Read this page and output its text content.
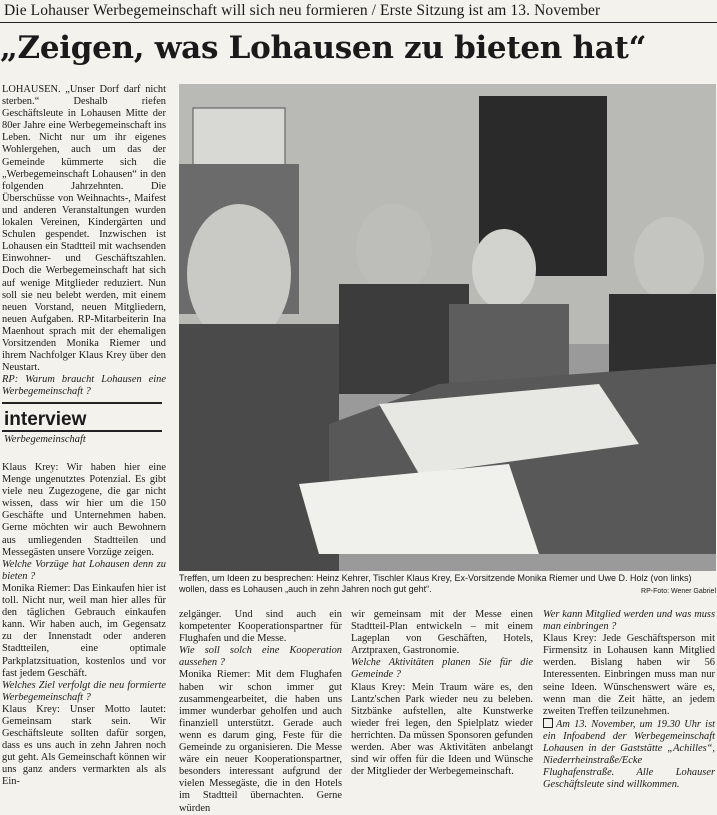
Die Lohauser Werbegemeinschaft will sich neu formieren / Erste Sitzung ist am 13. November
„Zeigen, was Lohausen zu bieten hat“

LOHAUSEN. „Unser Dorf darf nicht sterben.“ Deshalb riefen Geschäftsleute in Lohausen Mitte der 80er Jahre eine Werbegemeinschaft ins Leben. Nicht nur um ihr eigenes Wohlergehen, auch um das der Gemeinde kümmerte sich die „Werbegemeinschaft Lohausen“ in den folgenden Jahrzehnten. Die Überschüsse von Weihnachts-, Maifest und anderen Veranstaltungen wurden lokalen Vereinen, Kindergärten und Schulen gespendet. Inzwischen ist Lohausen ein Stadtteil mit wachsenden Einwohner- und Geschäftszahlen. Doch die Werbegemeinschaft hat sich auf wenige Mitglieder reduziert. Nun soll sie neu belebt werden, mit einem neuen Vorstand, neuen Mitgliedern, neuen Aufgaben. RP-Mitarbeiterin Ina Maenhout sprach mit der ehemaligen Vorsitzenden Monika Riemer und ihrem Nachfolger Klaus Krey über den Neustart.

RP: Warum braucht Lohausen eine Werbegemeinschaft ?

interview
Werbegemeinschaft
Treffen, um Ideen zu besprechen: Heinz Kehrer, Tischler Klaus Krey, Ex-Vorsitzende Monika Riemer und Uwe D. Holz (von links) wollen, dass es Lohausen „auch in zehn Jahren noch gut geht“.	RP-Foto: Wener Gabriel

Klaus Krey: Wir haben hier eine Menge ungenutztes Potenzial. Es gibt viele neu Zugezogene, die gar nicht wissen, dass wir hier um die 150 Geschäfte und Unternehmen haben. Gerne möchten wir auch Bewohnern aus umliegenden Stadtteilen und Messegästen unsere Vorzüge zeigen.

Welche Vorzüge hat Lohausen denn zu bieten ?

Monika Riemer: Das Einkaufen hier ist toll. Nicht nur, weil man hier alles für den täglichen Gebrauch einkaufen kann. Wir haben auch, im Gegensatz zu der Innenstadt oder anderen Stadtteilen, eine optimale Parkplatzsituation, kostenlos und vor fast jedem Geschäft.

Welches Ziel verfolgt die neu formierte Werbegemeinschaft ?

Klaus Krey: Unser Motto lautet: Gemeinsam stark sein. Wir Geschäftsleute sollten dafür sorgen, dass es uns auch in zehn Jahren noch gut geht. Als Gemeinschaft können wir uns ganz anders vermarkten als als Ein-

zelgänger. Und sind auch ein kompetenter Kooperationspartner für Flughafen und die Messe.

Wie soll solch eine Kooperation aussehen ?

Monika Riemer: Mit dem Flughafen haben wir schon immer gut zusammengearbeitet, die haben uns immer wunderbar geholfen und auch finanziell unterstützt. Gerade auch wenn es darum ging, Feste für die Gemeinde zu organisieren. Die Messe wäre ein neuer Kooperationspartner, besonders interessant aufgrund der vielen Messegäste, die in den Hotels im Stadtteil übernachten. Gerne würden

wir gemeinsam mit der Messe einen Stadtteil-Plan entwickeln – mit einem Lageplan von Geschäften, Hotels, Arztpraxen, Gastronomie.

Welche Aktivitäten planen Sie für die Gemeinde ?

Klaus Krey: Mein Traum wäre es, den Lantz'schen Park wieder neu zu beleben. Sitzbänke aufstellen, alte Kunstwerke wieder frei legen, den Spielplatz wieder herrichten. Da müssen Sponsoren gefunden werden. Aber was Aktivitäten anbelangt sind wir offen für die Ideen und Wünsche der Mitglieder der Werbegemeinschaft.

Wer kann Mitglied werden und was muss man einbringen ?

Klaus Krey: Jede Geschäftsperson mit Firmensitz in Lohausen kann Mitglied werden. Bislang haben wir 56 Interessenten. Einbringen muss man nur seine Ideen. Wünschenswert wäre es, wenn man die Zeit hätte, an jedem zweiten Treffen teilzunehmen.

Am 13. November, um 19.30 Uhr ist ein Infoabend der Werbegemeinschaft Lohausen in der Gaststätte „Achilles“, Niederrheinstraße/Ecke Flughafenstraße. Alle Lohauser Geschäftsleute sind willkommen.
